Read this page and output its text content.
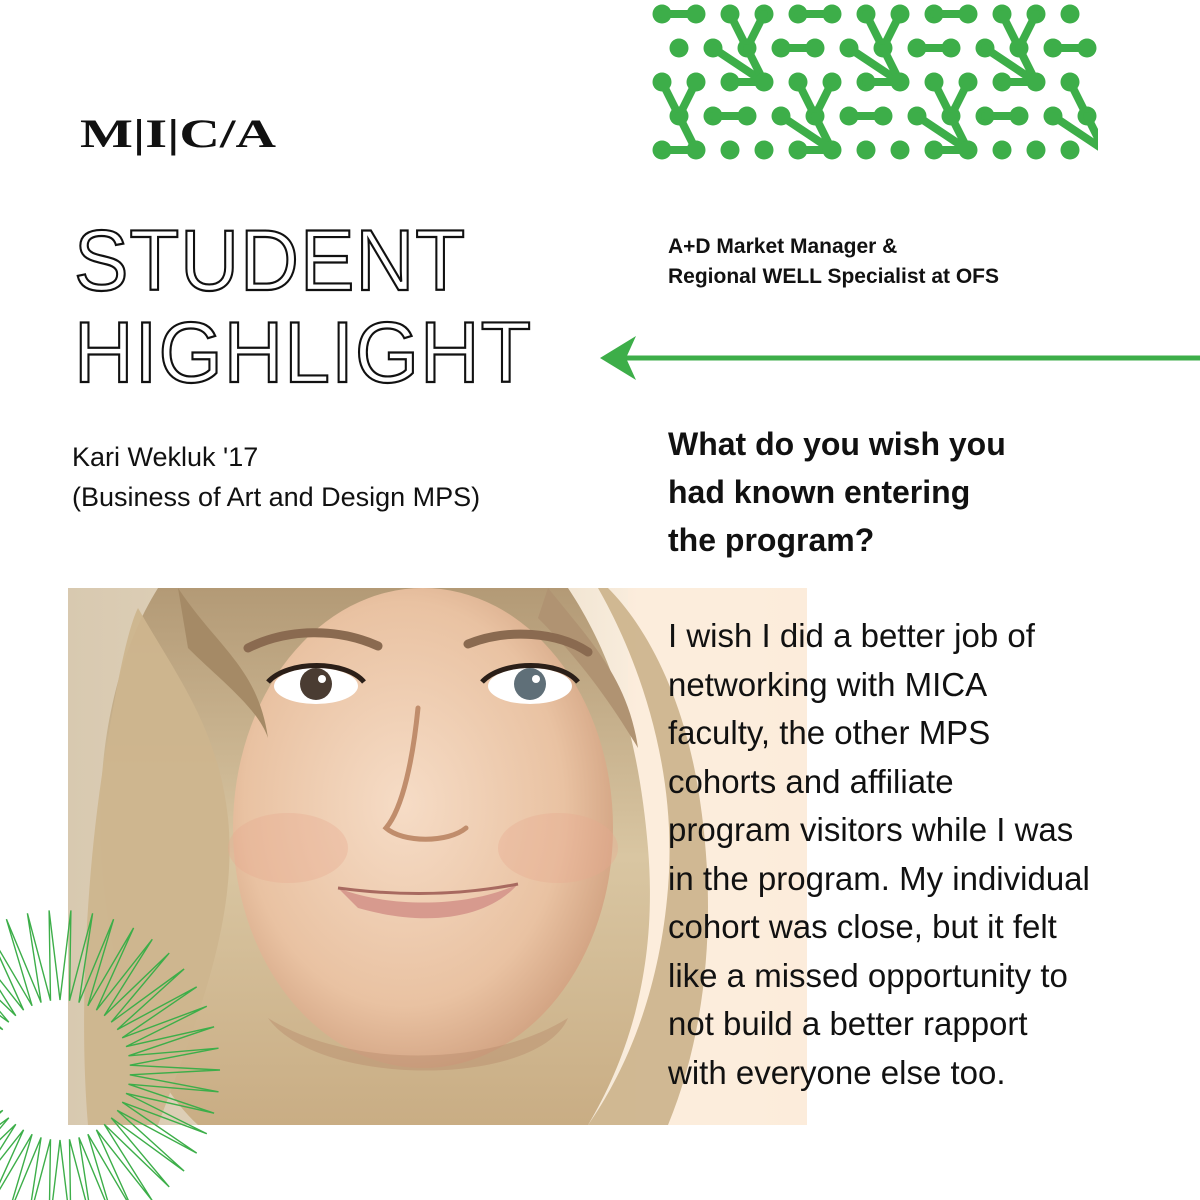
M|I|C/A
STUDENT
HIGHLIGHT
A+D Market Manager &
Regional WELL Specialist at OFS
Kari Wekluk '17
(Business of Art and Design MPS)
What do you wish you
had known entering
the program?
I wish I did a better job of
networking with MICA
faculty, the other MPS
cohorts and affiliate
program visitors while I was
in the program. My individual
cohort was close, but it felt
like a missed opportunity to
not build a better rapport
with everyone else too.
